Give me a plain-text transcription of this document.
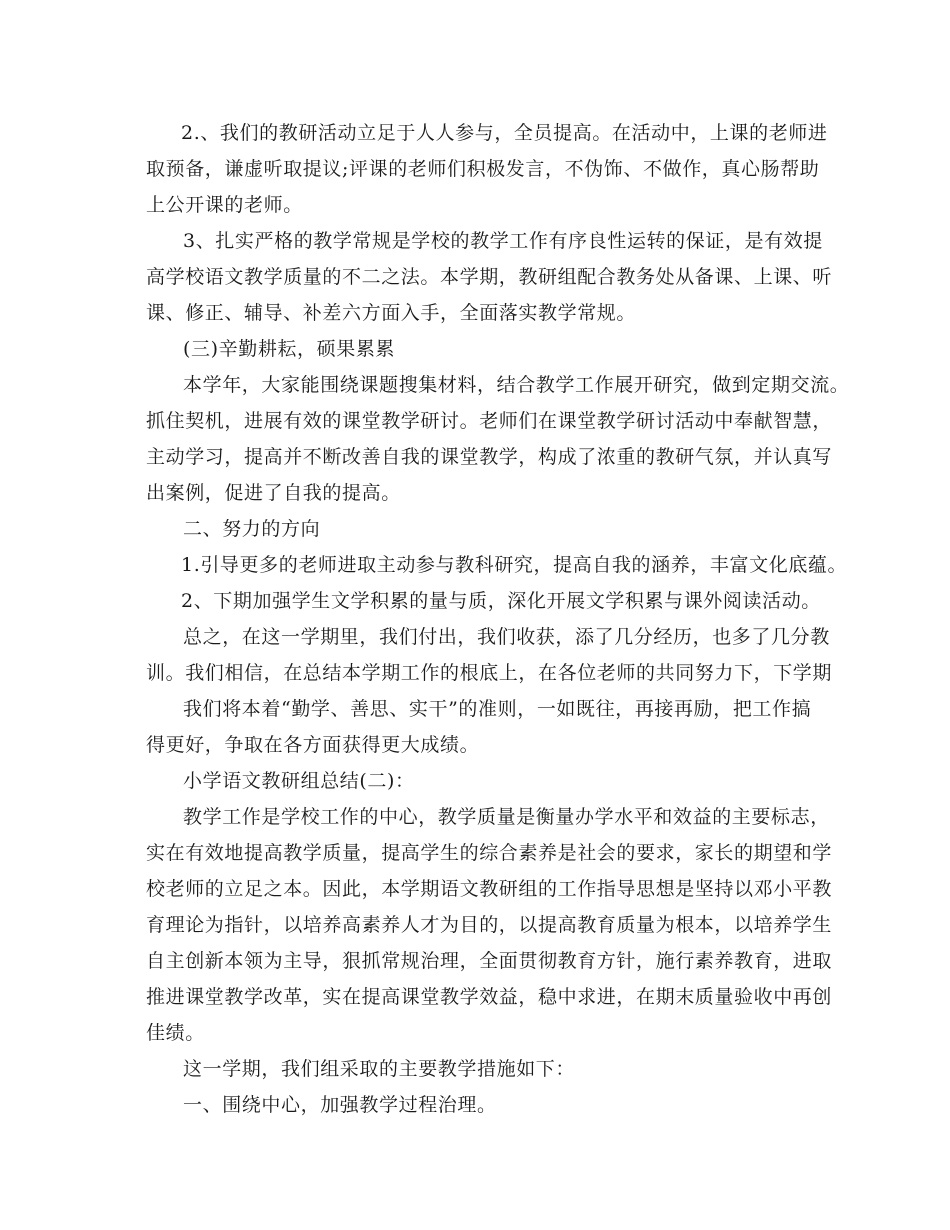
2.、我们的教研活动立足于人人参与，全员提高。在活动中，上课的老师进
取预备，谦虚听取提议;评课的老师们积极发言，不伪饰、不做作，真心肠帮助
上公开课的老师。
3、扎实严格的教学常规是学校的教学工作有序良性运转的保证，是有效提
高学校语文教学质量的不二之法。本学期，教研组配合教务处从备课、上课、听
课、修正、辅导、补差六方面入手，全面落实教学常规。
(三)辛勤耕耘，硕果累累
本学年，大家能围绕课题搜集材料，结合教学工作展开研究，做到定期交流。
抓住契机，进展有效的课堂教学研讨。老师们在课堂教学研讨活动中奉献智慧，
主动学习，提高并不断改善自我的课堂教学，构成了浓重的教研气氛，并认真写
出案例，促进了自我的提高。
二、努力的方向
1.引导更多的老师进取主动参与教科研究，提高自我的涵养，丰富文化底蕴。
2、下期加强学生文学积累的量与质，深化开展文学积累与课外阅读活动。
总之，在这一学期里，我们付出，我们收获，添了几分经历，也多了几分教
训。我们相信，在总结本学期工作的根底上，在各位老师的共同努力下，下学期
我们将本着“勤学、善思、实干”的准则，一如既往，再接再励，把工作搞
得更好，争取在各方面获得更大成绩。
小学语文教研组总结(二)：
教学工作是学校工作的中心，教学质量是衡量办学水平和效益的主要标志，
实在有效地提高教学质量，提高学生的综合素养是社会的要求，家长的期望和学
校老师的立足之本。因此，本学期语文教研组的工作指导思想是坚持以邓小平教
育理论为指针，以培养高素养人才为目的，以提高教育质量为根本，以培养学生
自主创新本领为主导，狠抓常规治理，全面贯彻教育方针，施行素养教育，进取
推进课堂教学改革，实在提高课堂教学效益，稳中求进，在期末质量验收中再创
佳绩。
这一学期，我们组采取的主要教学措施如下：
一、围绕中心，加强教学过程治理。
